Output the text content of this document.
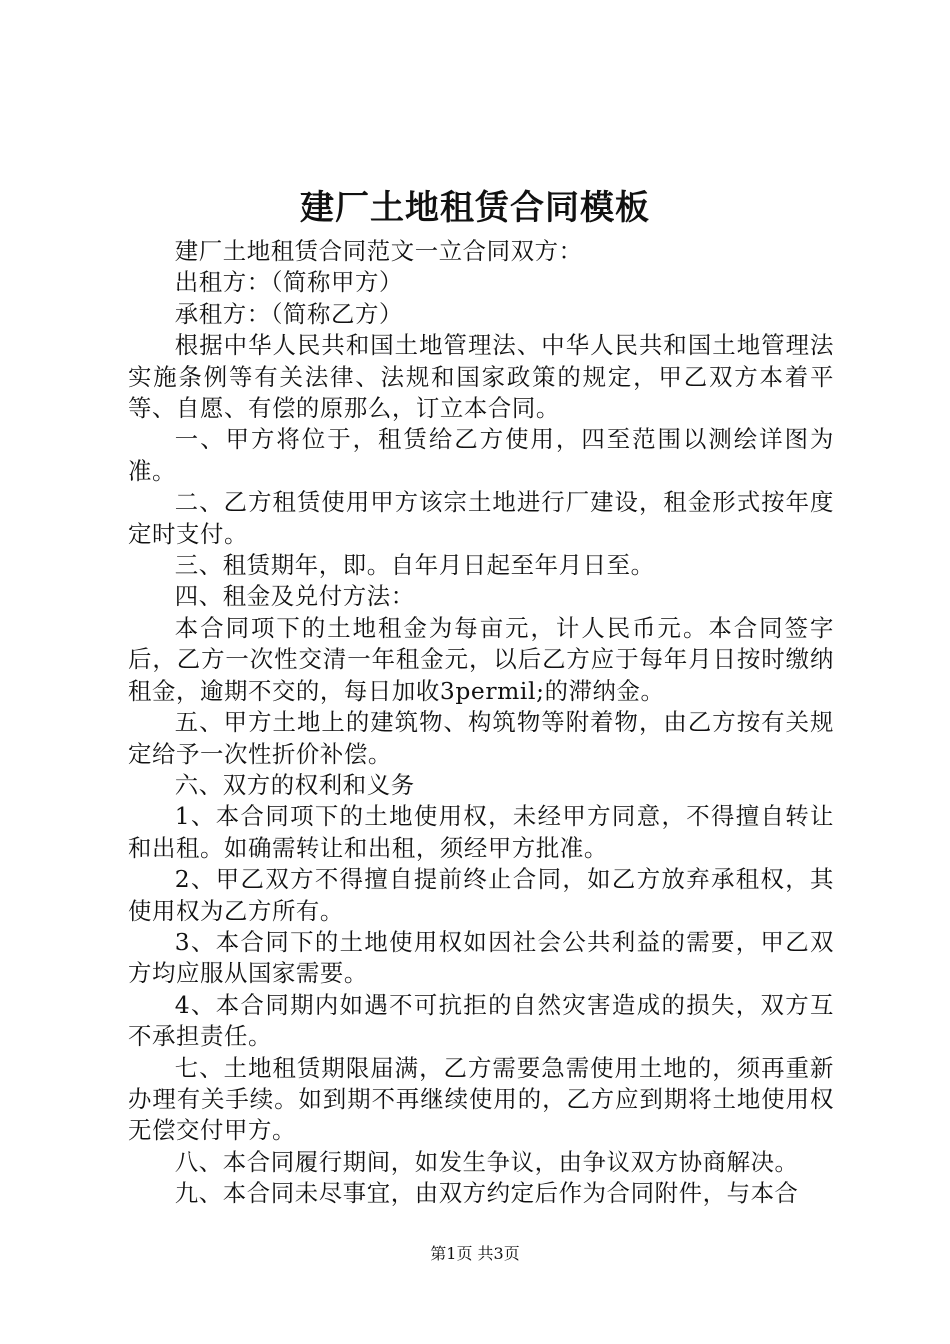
建厂土地租赁合同模板

建厂土地租赁合同范文一立合同双方：

出租方：（简称甲方）

承租方：（简称乙方）

根据中华人民共和国土地管理法、中华人民共和国土地管理法实施条例等有关法律、法规和国家政策的规定，甲乙双方本着平等、自愿、有偿的原那么，订立本合同。

一、甲方将位于，租赁给乙方使用，四至范围以测绘详图为准。

二、乙方租赁使用甲方该宗土地进行厂建设，租金形式按年度定时支付。

三、租赁期年，即。自年月日起至年月日至。

四、租金及兑付方法：

本合同项下的土地租金为每亩元，计人民币元。本合同签字后，乙方一次性交清一年租金元，以后乙方应于每年月日按时缴纳租金，逾期不交的，每日加收3permil;的滞纳金。

五、甲方土地上的建筑物、构筑物等附着物，由乙方按有关规定给予一次性折价补偿。

六、双方的权利和义务

1、本合同项下的土地使用权，未经甲方同意，不得擅自转让和出租。如确需转让和出租，须经甲方批准。

2、甲乙双方不得擅自提前终止合同，如乙方放弃承租权，其使用权为乙方所有。

3、本合同下的土地使用权如因社会公共利益的需要，甲乙双方均应服从国家需要。

4、本合同期内如遇不可抗拒的自然灾害造成的损失，双方互不承担责任。

七、土地租赁期限届满，乙方需要急需使用土地的，须再重新办理有关手续。如到期不再继续使用的，乙方应到期将土地使用权无偿交付甲方。

八、本合同履行期间，如发生争议，由争议双方协商解决。

九、本合同未尽事宜，由双方约定后作为合同附件，与本合

第1页 共3页
